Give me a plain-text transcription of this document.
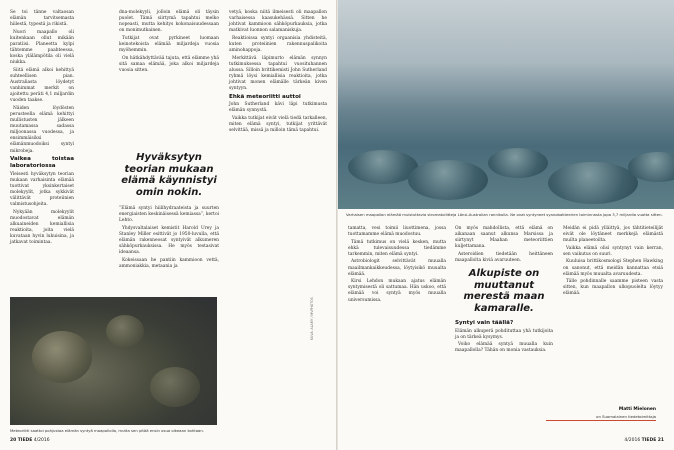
Se toi tänne valtaosan elämän tarvitsemasta hiilestä, typestä ja rikistä.

Nuori maapallo oli kuitenkaan ollut mikään paratiisi. Planeetta kylpi tähtemme paahteessa, koska ylälämpötila oli vielä niukka.

Siitä elämä alkoi kehittyä suhteellisen pian. Australiasta löydetyt vanhimmat merkit on ajoitettu peräti 4,1 miljardin vuoden taakse.

Näiden löydösten perusteella elämä kehittyi mullistusten jälkeen muutamassa sadassa miljoonassa vuodessa, ja ensimmäisiksi elämänmuodoiksi syntyi mikrobeja.

Vaikea toistaa laboratoriossa

Yleisesti hyväksytyn teorian mukaan varhaisinta elämää tuottivat yksinkertaiset molekyylit, jotka sykkivät välittävät proteiinien valmistusohjeita.

Nykyään molekyylit muodostavat elämän alkuaineiden kemiallisia reaktioita, joita vielä kuvataan hyvin lukuisina, ja jatkavat toimintaa.

dna-molekyyli, jolloin elämä oli täysin puolet. Tämä siirtymä tapahtui melko nopeasti, mutta kehitys kokonaisuudessaan on monimutkainen.

Tutkijat ovat pyrkineet luomaan keinotekoista elämää miljardeja vuosia myöhemmin.

On hätkähdyttävää tajuta, että elämme yhä sitä samaa elämää, joka alkoi miljardeja vuosia sitten.

Hyväksytyn teorian mukaan elämä käynnistyi omin nokin.

”Elämä syntyi hiilihydraateista ja suurten energiaisten keskinäisessä kemiassa”, kertoi Lehto.

Yhdysvaltalaiset kemistit Harold Urey ja Stanley Miller esittivät jo 1950-luvulla, että elämän rakenneosat syntyivät alkumeren sähköpurkauksissa. He myös testasivat ideaansa.

Kokeissaan he pantiin kammioon vettä, ammoniakkia, metaania ja

vetyä, koska niitä ilmeisesti oli maapallon varhaisessa kaasukehässä. Sitten he johtivat kammioon sähköpurkauksia, jotka matkivat luonnon salamaniskuja.

Reaktioissa syntyi orgaanisia yhdisteitä, kuten proteiinien rakennuspalikoita aminohappoja.

Merkittävä läpimurto elämän synnyn tutkimuksessa tapahtui vuosituhannen alussa. Silloin brittikemisti John Sutherland ryhmä löysi kemiallisia reaktioita, jotka johtivat monen elämälle tärkeän kiven syntyyn.

Ehkä meteoriitti auttoi

John Sutherland kävi läpi tutkimusta elämän synnystä.

Vaikka tutkijat eivät vielä tiedä tarkalleen, miten elämä syntyi, tutkijat yrittävät selvittää, missä ja milloin tämä tapahtui.

Meteoriitti saattoi pohjustaa elämän syntyä maapallolla, mutta sen pitää ensin osua oikeaan kohtaan.
20 TIEDE 4/2016
Varhaisen maapallon elämää muistuttavia stromatoliitteja Länsi-Australian rannikolla. Ne ovat syntyneet syanobakteerien toiminnasta jopa 3,7 miljardia vuotta sitten.
KUVA: ALAMY / MVPHOTOS

tamatta, vesi toimii liuottimena, jossa tuottamamme elämä muodostuu.

Tämä tutkimus on vielä kesken, mutta ehkä tulevaisuudessa tiedämme tarkemmin, miten elämä syntyi.

Astrobiologit selvittävät muualla maailmankaikkeudessa, löytyisikö muualta elämää.

Kirsi Lehdon mukaan ajatus elämän syntymisestä oli sattumaa. Hän uskoo, että elämää voi syntyä myös muualla universumissa.

On myös mahdollista, että elämä on aikanaan saanut alkunsa Marsissa ja siirtynyt Maahan meteoriittien kuljettamana.

Asteroidien tiedetään heittäneen maapallolta kiviä avaruuteen.

Alkupiste on muuttanut merestä maan kamaralle.

Syntyi vain täällä?

Elämän alkuperä pohdituttaa yhä tutkijoita ja on tärkeä kysymys.

Voiko elämää syntyä muualla kuin maapallolla? Tähän on monia vastauksia.

Meidän ei pidä ylläittyä, jos tähtitieteilijät eivät ole löytäneet merkkejä elämästä muilta planeetoilta.

Vaikka elämä olisi syntynyt vain kerran, sen vaikutus on suuri.

Kuuluisa brittikosmologi Stephen Hawking on sanonut, että meidän kannattaa etsiä elämää myös muualta avaruudesta.

Tälle pohdinnalle saamme pisteen vasta sitten, kun maapallon ulkopuolelta löytyy elämää.

Matti Mielonen
on Suomalainen tiedetoimittaja
4/2016 TIEDE 21
